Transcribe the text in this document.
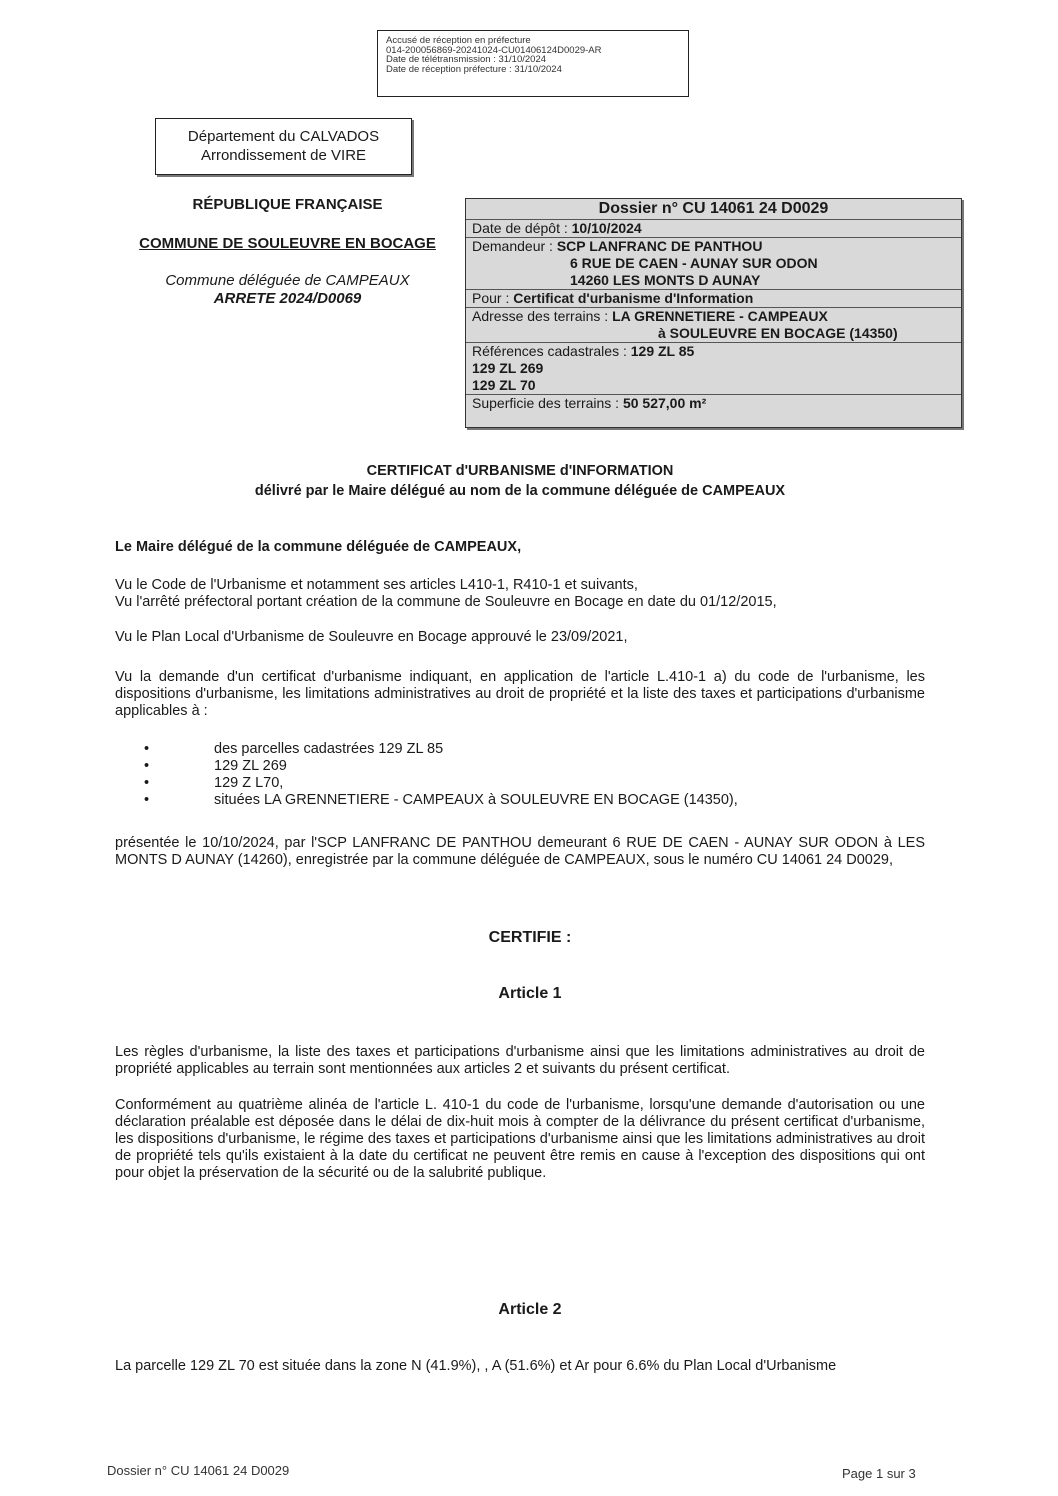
Accusé de réception en préfecture
014-200056869-20241024-CU01406124D0029-AR
Date de télétransmission : 31/10/2024
Date de réception préfecture : 31/10/2024
Département du CALVADOS
Arrondissement de VIRE
RÉPUBLIQUE FRANÇAISE
COMMUNE DE SOULEUVRE EN BOCAGE
Commune déléguée de CAMPEAUX
ARRETE 2024/D0069
Dossier n° CU 14061 24 D0029
Date de dépôt : 10/10/2024
Demandeur : SCP LANFRANC DE PANTHOU
6 RUE DE CAEN - AUNAY SUR ODON
14260 LES MONTS D AUNAY
Pour : Certificat d'urbanisme d'Information
Adresse des terrains : LA GRENNETIERE - CAMPEAUX
à SOULEUVRE EN BOCAGE (14350)
Références cadastrales : 129 ZL 85
129 ZL 269
129 ZL 70
Superficie des terrains : 50 527,00 m²
CERTIFICAT d'URBANISME d'INFORMATION
délivré par le Maire délégué au nom de la commune déléguée de CAMPEAUX
Le Maire délégué de la commune déléguée de CAMPEAUX,
Vu le Code de l'Urbanisme et notamment ses articles L410-1, R410-1 et suivants,
Vu l'arrêté préfectoral portant création de la commune de Souleuvre en Bocage en date du 01/12/2015,
Vu le Plan Local d'Urbanisme de Souleuvre en Bocage approuvé le 23/09/2021,
Vu la demande d'un certificat d'urbanisme indiquant, en application de l'article L.410-1 a) du code de l'urbanisme, les dispositions d'urbanisme, les limitations administratives au droit de propriété et la liste des taxes et participations d'urbanisme applicables à :
•	des parcelles cadastrées 129 ZL 85
•	129 ZL 269
•	129 Z L70,
•	situées LA GRENNETIERE - CAMPEAUX à SOULEUVRE EN BOCAGE (14350),
présentée le 10/10/2024, par l'SCP LANFRANC DE PANTHOU demeurant 6 RUE DE CAEN - AUNAY SUR ODON à LES MONTS D AUNAY (14260), enregistrée par la commune déléguée de CAMPEAUX, sous le numéro CU 14061 24 D0029,
CERTIFIE :
Article 1
Les règles d'urbanisme, la liste des taxes et participations d'urbanisme ainsi que les limitations administratives au droit de propriété applicables au terrain sont mentionnées aux articles 2 et suivants du présent certificat.
Conformément au quatrième alinéa de l'article L. 410-1 du code de l'urbanisme, lorsqu'une demande d'autorisation ou une déclaration préalable est déposée dans le délai de dix-huit mois à compter de la délivrance du présent certificat d'urbanisme, les dispositions d'urbanisme, le régime des taxes et participations d'urbanisme ainsi que les limitations administratives au droit de propriété tels qu'ils existaient à la date du certificat ne peuvent être remis en cause à l'exception des dispositions qui ont pour objet la préservation de la sécurité ou de la salubrité publique.
Article 2
La parcelle 129 ZL 70 est située dans la zone N (41.9%), , A (51.6%) et Ar pour 6.6% du Plan Local d'Urbanisme
Dossier n° CU 14061 24 D0029	Page 1 sur 3
